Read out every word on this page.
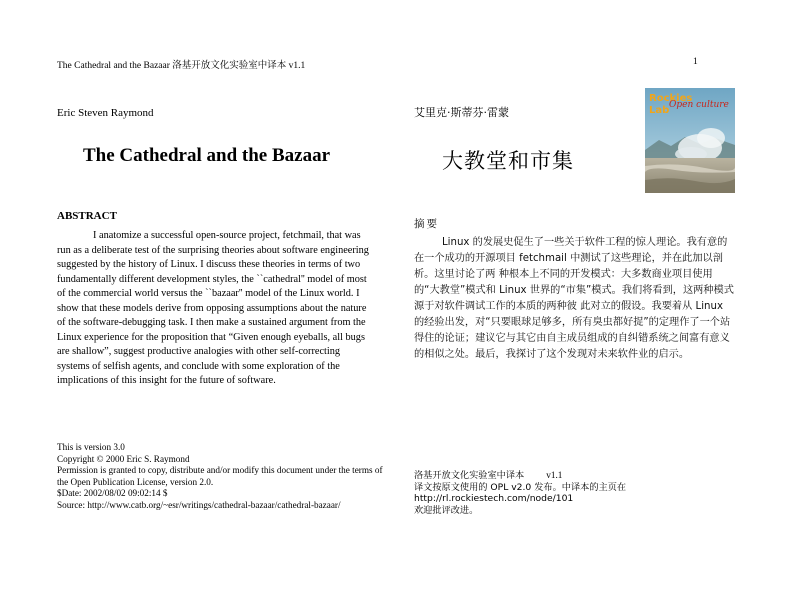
The Cathedral and the Bazaar 洛基开放文化实验室中译本 v1.1	1
Eric Steven Raymond
The Cathedral and the Bazaar
ABSTRACT

I anatomize a successful open-source project, fetchmail, that was run as a deliberate test of the surprising theories about software engineering suggested by the history of Linux. I discuss these theories in terms of two fundamentally different development styles, the ``cathedral'' model of most of the commercial world versus the ``bazaar'' model of the Linux world. I show that these models derive from opposing assumptions about the nature of the software-debugging task. I then make a sustained argument from the Linux experience for the proposition that “Given enough eyeballs, all bugs are shallow”, suggest productive analogies with other self-correcting systems of selfish agents, and conclude with some exploration of the implications of this insight for the future of software.

This is version 3.0
Copyright © 2000 Eric S. Raymond
Permission is granted to copy, distribute and/or modify this document under the terms of the Open Publication License, version 2.0.
$Date: 2002/08/02 09:02:14 $
Source: http://www.catb.org/~esr/writings/cathedral-bazaar/cathedral-bazaar/
艾里克·斯蒂芬·雷蒙
大教堂和市集
摘要

Linux 的发展史促生了一些关于软件工程的惊人理论。我有意的在一个成功的开源项目 fetchmail 中测试了这些理论，并在此加以剖析。这里讨论了两 种根本上不同的开发模式：大多数商业项目使用的“大教堂”模式和 Linux 世界的“市集”模式。我们将看到，这两种模式源于对软件调试工作的本质的两种彼 此对立的假设。我要着从 Linux 的经验出发，对“只要眼球足够多，所有臭虫都好捉”的定理作了一个站得住的论证；建议它与其它由自主成员组成的自纠错系统之间富有意义的相似之处。最后，我探讨了这个发现对未来软件业的启示。

洛基开放文化实验室中译本 v1.1
译文按原文使用的 OPL v2.0 发布。中译本的主页在
http://rl.rockiestech.com/node/101
欢迎批评改进。
Rockies
Lab Open culture
